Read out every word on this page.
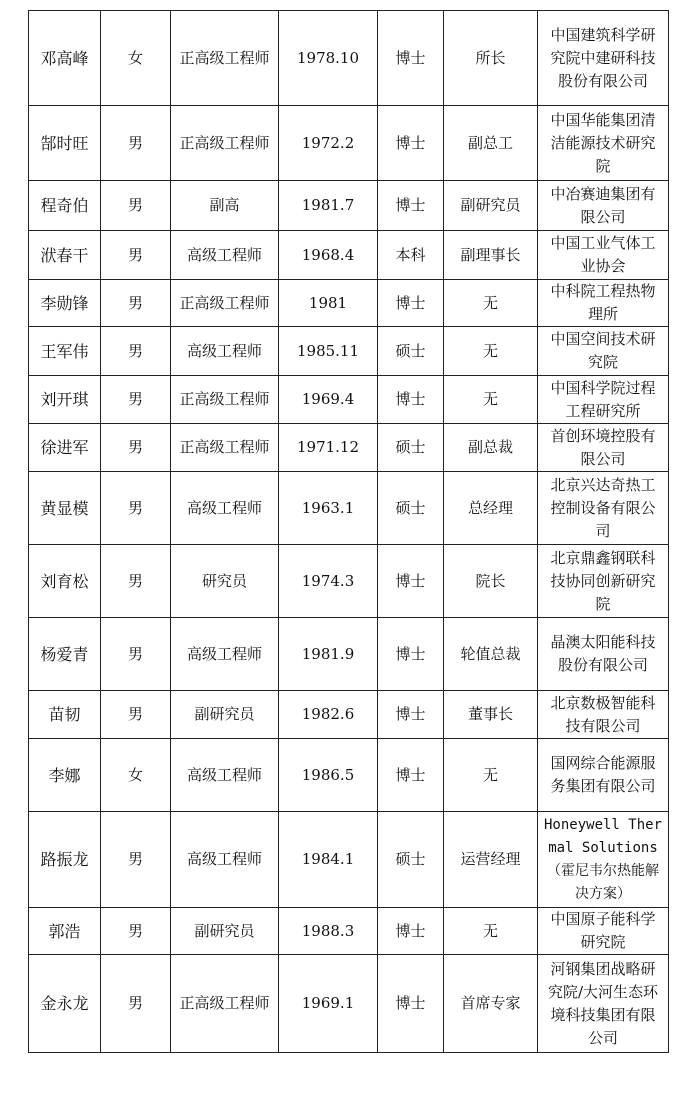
邓高峰	女	正高级工程师	1978.10	博士	所长	中国建筑科学研究院中建研科技股份有限公司
郜时旺	男	正高级工程师	1972.2	博士	副总工	中国华能集团清洁能源技术研究院
程奇伯	男	副高	1981.7	博士	副研究员	中冶赛迪集团有限公司
洑春干	男	高级工程师	1968.4	本科	副理事长	中国工业气体工业协会
李勋锋	男	正高级工程师	1981	博士	无	中科院工程热物理所
王军伟	男	高级工程师	1985.11	硕士	无	中国空间技术研究院
刘开琪	男	正高级工程师	1969.4	博士	无	中国科学院过程工程研究所
徐进军	男	正高级工程师	1971.12	硕士	副总裁	首创环境控股有限公司
黄显模	男	高级工程师	1963.1	硕士	总经理	北京兴达奇热工控制设备有限公司
刘育松	男	研究员	1974.3	博士	院长	北京鼎鑫钢联科技协同创新研究院
杨爱青	男	高级工程师	1981.9	博士	轮值总裁	晶澳太阳能科技股份有限公司
苗韧	男	副研究员	1982.6	博士	董事长	北京数极智能科技有限公司
李娜	女	高级工程师	1986.5	博士	无	国网综合能源服务集团有限公司
路振龙	男	高级工程师	1984.1	硕士	运营经理	Honeywell Thermal Solutions （霍尼韦尔热能解决方案）
郭浩	男	副研究员	1988.3	博士	无	中国原子能科学研究院
金永龙	男	正高级工程师	1969.1	博士	首席专家	河钢集团战略研究院/大河生态环境科技集团有限公司
